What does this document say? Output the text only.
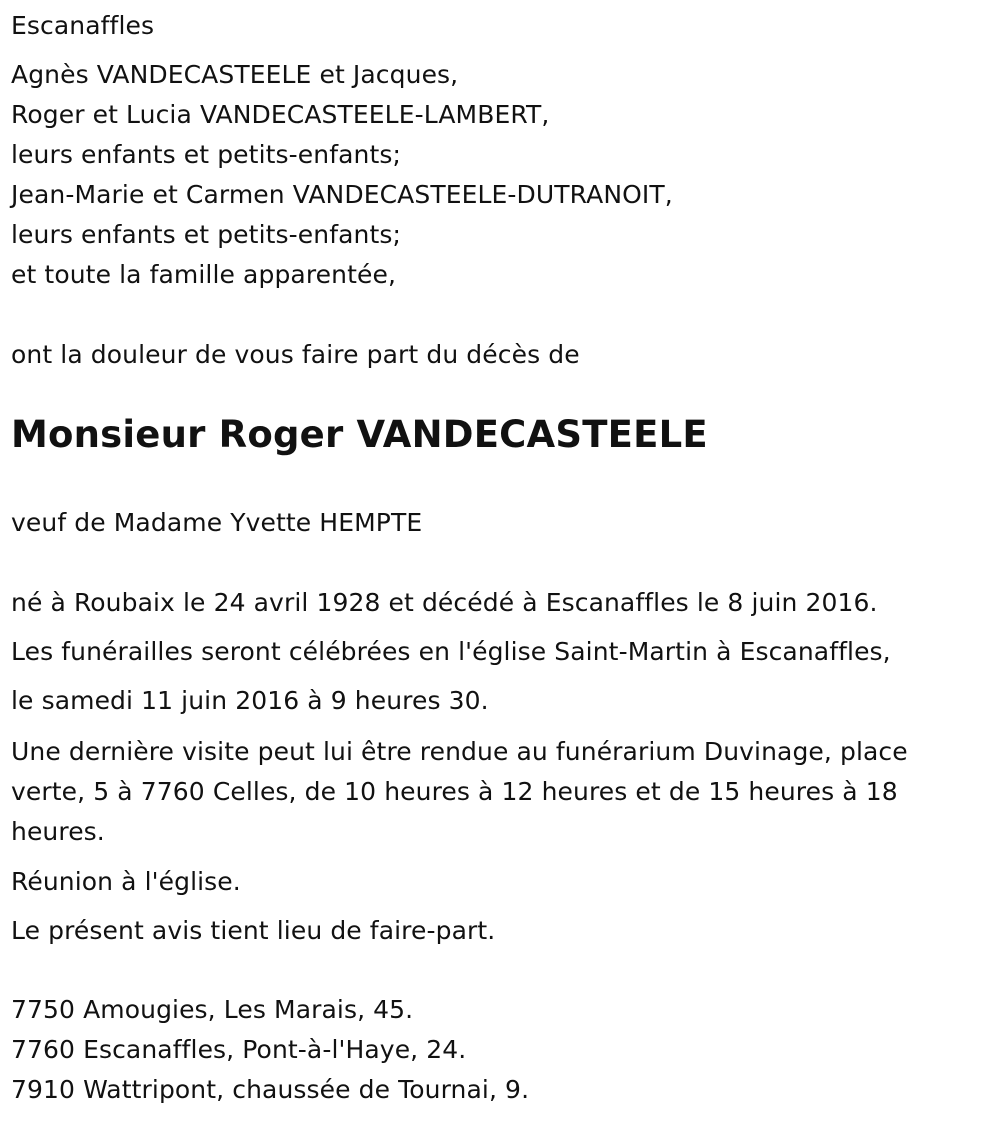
Escanaffles
Agnès VANDECASTEELE et Jacques,
Roger et Lucia VANDECASTEELE-LAMBERT,
leurs enfants et petits-enfants;
Jean-Marie et Carmen VANDECASTEELE-DUTRANOIT,
leurs enfants et petits-enfants;
et toute la famille apparentée,
ont la douleur de vous faire part du décès de
Monsieur Roger VANDECASTEELE
veuf de Madame Yvette HEMPTE
né à Roubaix le 24 avril 1928 et décédé à Escanaffles le 8 juin 2016.
Les funérailles seront célébrées en l'église Saint-Martin à Escanaffles,
le samedi 11 juin 2016 à 9 heures 30.
Une dernière visite peut lui être rendue au funérarium Duvinage, place verte, 5 à 7760 Celles, de 10 heures à 12 heures et de 15 heures à 18 heures.
Réunion à l'église.
Le présent avis tient lieu de faire-part.
7750 Amougies, Les Marais, 45.
7760 Escanaffles, Pont-à-l'Haye, 24.
7910 Wattripont, chaussée de Tournai, 9.
